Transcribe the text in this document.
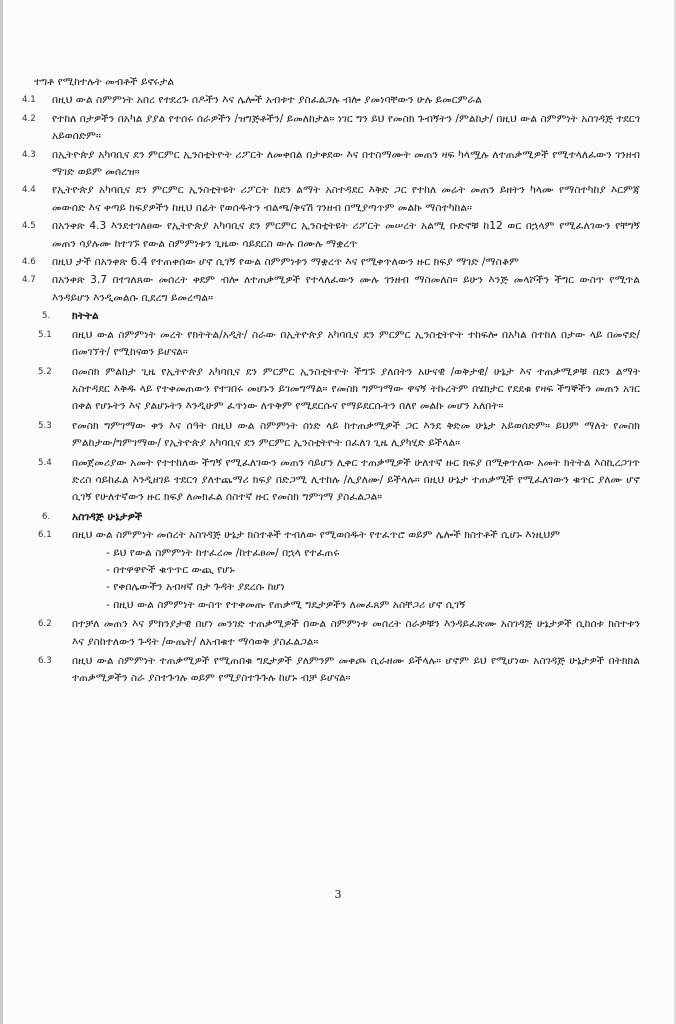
ተግቶ የሚከተሉት መብቶች ይኖሩታል
4.1	በዚህ ውል ስምምነት አበረ የተደረጉ ሰዶችን እና ሌሎች አብቱተ ያስፈልጋሉ ብሎ ያመነባቸውን ሁሉ ይመርምራል
4.2	የተከለ በታዎችን በአካል ያያል የተሰሩ ሰራዎችን /ዝግጅቶችን/ ይመለከታል። ነገር ግን ይህ የመስክ ጉብኝትን /ምልከታ/ በዚህ ውል ስምምነት አስገዳጅ ተደርጎ አይወሰድም።
4.3	በኢትዮጵያ አካባቢና ደን ምርምር ኢንስቲትዮት ሪፖርት ለመቀበል በታቀደው እና በተስማሙት መጠን ዛፍ ካላሟሉ ለተጠቃሚዎች የሚተላለፈውን ገንዘብ ማገድ ወይም መሰረዝ።
4.4	የኢትዮጵያ አካባቢና ደን ምርምር ኢንስቲትዩት ሪፖርት ከደን ልማት አስተዳደር እቅድ ጋር የተከለ መሬት መጠን ይዘትን ካላሙ የማስተካከያ እርምጃ መውሰድ እና ቀጣይ ክፍያዎችን ከዚህ በፊት የወሰዱትን ብልጫ/ቅናሽ ገንዘብ በሚያጣጥም መልኩ ማስተካከል።
4.5	በአንቀጽ 4.3 እንደተገለፀው የኢትዮጵያ አካባቢና ደን ምርምር ኢንስቲትዩት ሪፖርት መሠረት አልሚ ቡድኖቹ ከ12 ወር በኋላም የሚፈለገውን የቸግኝ መጠን ሳያሉሙ ከተገኙ የውል ስምምነቱን ጊዜው ሳይደርስ ውሉ በሙሉ ማቋረጥ
4.6	በዚህ ታች በአንቀጽ 6.4 የተጠቀሰው ሆኖ ሲገኝ የውል ስምምነቱን ማቋረጥ እና የሚቀጥለውን ዙር ክፍያ ማገድ /ማስቆም
4.7	በአንቀጽ 3.7 በተገለጸው መሰረት ቀደም ብሎ ለተጠቃሚዎች የተላለፈውን ሙሉ ገንዘብ ማስመለስ። ይሁን እንጅ መላሾችን ችግር ውስጥ የሚጥል እንዳይሆን እንዲመልሱ ቢደረግ ይመረጣል።
5.	ክትትል
5.1	በዚህ ውል ስምምነት መረት የክትትል/አዲት/ ስራው በኢትዮጵያ አካባቢና ደን ምርምር ኢንስቲትዮት ተከፍሎ በአካል በተከለ በታው ላይ በመኖድ/በመገኘት/ የሚከናወን ይሆናል።
5.2	በመስክ ምልከታ ጊዜ የኢትዮጵያ አካባቢና ደን ምርምር ኢንስቲትዮት ችግኙ ያለበትን አሁናዊ /ወቅታዊ/ ሁኔታ እና ተጠቃሚዎቹ በደን ልማት አስተዳደር እቅዱ ላይ የተቀመጠውን የተገበሩ መሆኑን ይገመግማል። የመስክ ግምገማው ዋናኝ ትኩረትም በሄክታር የደደቁ የዛፍ ችግኞችን መጠን አገር በቀል የሆኑትን እና ያልሆኑትን እንዲሁም ፈጥነው ለጥቅም የሚደርሱና የማይደርሱትን በለየ መልኩ መሆን አለበት።
5.3	የመስክ ግምገማው ቀን እና ሰዓት በዚህ ውል ስምምነት ሰነድ ላይ ከተጠቃሚዎች ጋር እንደ ቅድመ ሁኔታ አይወሰድም። ይህም ማለት የመስክ ምልከታው/ግምገማው/ የኢትዮጵያ አካባቢና ደን ምርምር ኢንስቲትዮት በፈለገ ጊዜ ሊያካሂድ ይችላል።
5.4	በመጀመሪያው አመት የተተከለው ችግኝ የሚፈለገውን መጠን ሳይሆን ሊቀር ተጠቃሚዎች ሁለተኛ ዙር ክፍያ በሚቀጥለው አመት ክትትል እስኪረጋገጥ ድረስ ሳይከፈል እንዲዘገይ ተደርጎ ያለተጨማሪ ክፍያ በድጋሚ ሊተከሉ /ሊያለሙ/ ይችላሉ። በዚህ ሁኔታ ተጠቃሚች የሚፈለገውን ቁጥር ያለሙ ሆኖ ሲገኝ የሁለተኛውን ዙር ክፍያ ለመክፈል ሰስተኛ ዙር የመስክ ግምገማ ያስፈልጋል።
6.	አስገዳጅ ሁኔታዎች
6.1	በዚህ ውል ስምምነት መሰረት አስገዳጅ ሁኔታ ክስተቶች ተብለው የሚወሰዱት የተፈጥሮ ወይም ሌሎች ክስተቶች ሲሆኑ እነዚህም
- ይህ የውል ስምምነት ከተፈረመ /ከተፈፀመ/ በኋላ የተፈጠሩ
- በተዋዋዮች ቁጥጥር ውጪ የሆኑ
- የቀበሌውችን አብዛኛ በታ ጉዳት ያደረሱ ከሆነ
- በዚህ ውል ስምምነት ውስጥ የተቀመጡ የጠቃሚ ግዴታዎችን ለመፈጸም አስቸጋሪ ሆኖ ሲገኝ
6.2	በተቻለ መጠን እና ምክንያታዊ በሆነ መንገድ ተጠቃሚዎች በውል ስምምነቱ መሰረት ስራዎቹን እንዳይፈጽሙ አስገዳጅ ሁኔታዎች ሲከሰቱ ክስተቱን እና ያስከተለውን ጉዳት /ውጤት/ ለአብቁተ ማሳወቅ ያስፈልጋል።
6.3	በዚህ ውል ስምምነት ተጠቃሚዎች የሚጠበቁ ግዴታዎች ያለምንም መቀጮ ሲራዘሙ ይችላሉ። ሆኖም ይህ የሚሆነው አስገዳጅ ሁኔታዎች በትክክል ተጠቃሚዎችን ስራ ያስተጉጎሉ ወይም የሚያስተጉጉሉ ከሆኑ ብቻ ይሆናል።
3
